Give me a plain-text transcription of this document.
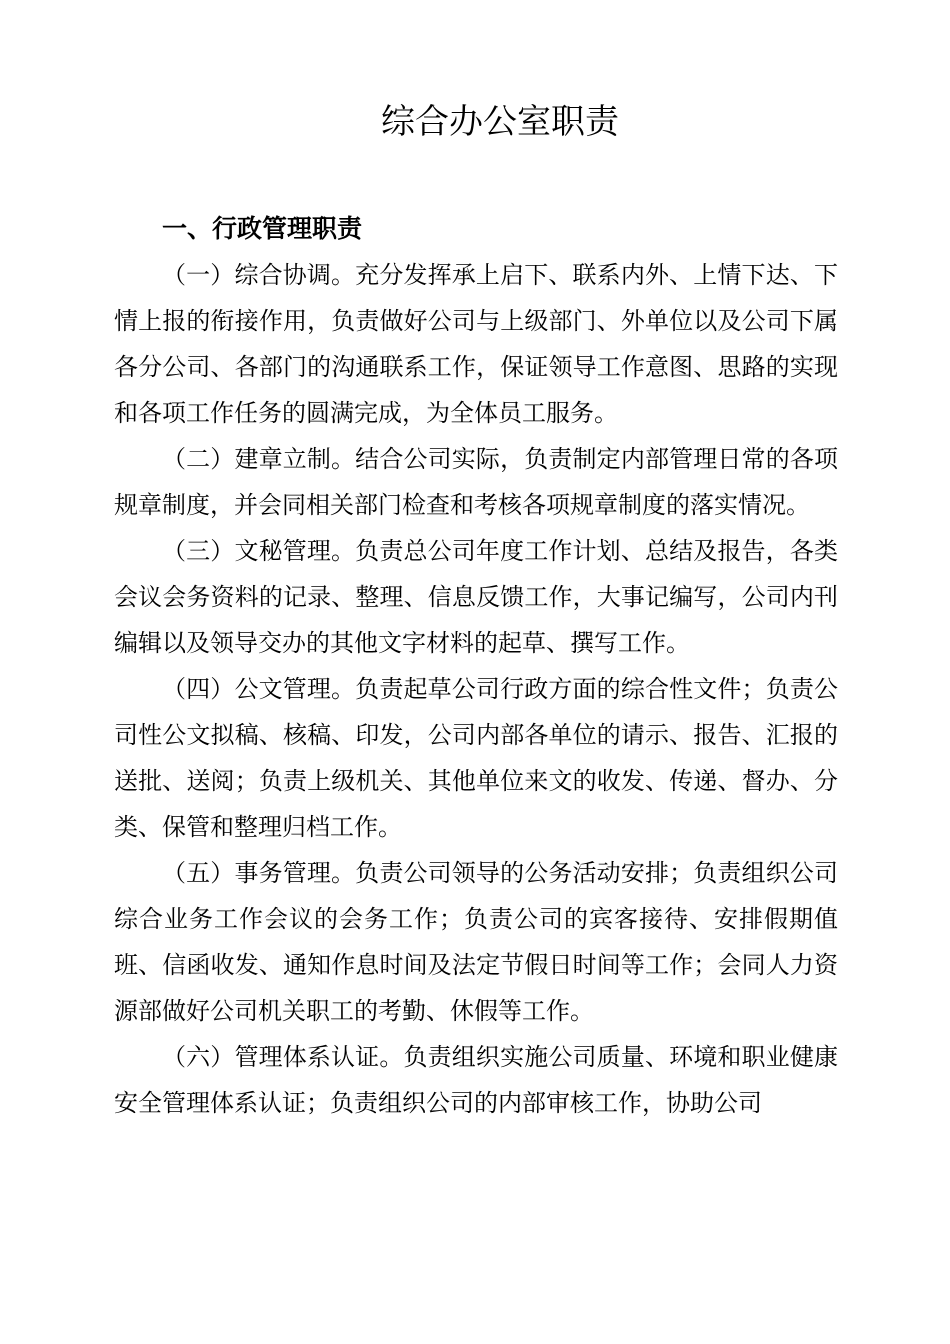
综合办公室职责
一、行政管理职责

（一）综合协调。充分发挥承上启下、联系内外、上情下达、下情上报的衔接作用，负责做好公司与上级部门、外单位以及公司下属各分公司、各部门的沟通联系工作，保证领导工作意图、思路的实现和各项工作任务的圆满完成，为全体员工服务。

（二）建章立制。结合公司实际，负责制定内部管理日常的各项规章制度，并会同相关部门检查和考核各项规章制度的落实情况。

（三）文秘管理。负责总公司年度工作计划、总结及报告，各类会议会务资料的记录、整理、信息反馈工作，大事记编写，公司内刊编辑以及领导交办的其他文字材料的起草、撰写工作。

（四）公文管理。负责起草公司行政方面的综合性文件；负责公司性公文拟稿、核稿、印发，公司内部各单位的请示、报告、汇报的送批、送阅；负责上级机关、其他单位来文的收发、传递、督办、分类、保管和整理归档工作。

（五）事务管理。负责公司领导的公务活动安排；负责组织公司综合业务工作会议的会务工作；负责公司的宾客接待、安排假期值班、信函收发、通知作息时间及法定节假日时间等工作；会同人力资源部做好公司机关职工的考勤、休假等工作。

（六）管理体系认证。负责组织实施公司质量、环境和职业健康安全管理体系认证；负责组织公司的内部审核工作，协助公司
